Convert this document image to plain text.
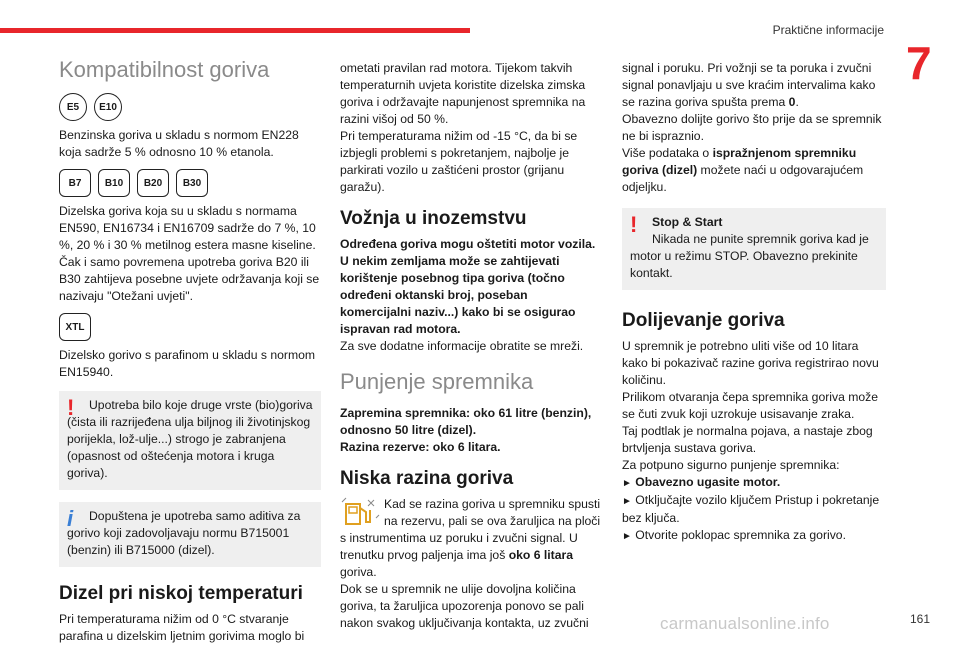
Praktične informacije
7
Kompatibilnost goriva
E5	E10

Benzinska goriva u skladu s normom EN228 koja sadrže 5 % odnosno 10 % etanola.

B7	B10	B20	B30

Dizelska goriva koja su u skladu s normama EN590, EN16734 i EN16709 sadrže do 7 %, 10 %, 20 % i 30 % metilnog estera masne kiseline. Čak i samo povremena upotreba goriva B20 ili B30 zahtijeva posebne uvjete održavanja koji se nazivaju "Otežani uvjeti".

XTL

Dizelsko gorivo s parafinom u skladu s normom EN15940.

!	Upotreba bilo koje druge vrste (bio)goriva (čista ili razrijeđena ulja biljnog ili životinjskog porijekla, lož-ulje...) strogo je zabranjena (opasnost od oštećenja motora i kruga goriva).

i	Dopuštena je upotreba samo aditiva za gorivo koji zadovoljavaju normu B715001 (benzin) ili B715000 (dizel).

Dizel pri niskoj temperaturi

Pri temperaturama nižim od 0 °C stvaranje parafina u dizelskim ljetnim gorivima moglo bi

ometati pravilan rad motora. Tijekom takvih temperaturnih uvjeta koristite dizelska zimska goriva i održavajte napunjenost spremnika na razini višoj od 50 %.

Pri temperaturama nižim od -15 °C, da bi se izbjegli problemi s pokretanjem, najbolje je parkirati vozilo u zaštićeni prostor (grijanu garažu).

Vožnja u inozemstvu

Određena goriva mogu oštetiti motor vozila. U nekim zemljama može se zahtijevati korištenje posebnog tipa goriva (točno određeni oktanski broj, poseban komercijalni naziv...) kako bi se osigurao ispravan rad motora.

Za sve dodatne informacije obratite se mreži.

Punjenje spremnika

Zapremina spremnika: oko 61 litre (benzin), odnosno 50 litre (dizel).

Razina rezerve: oko 6 litara.

Niska razina goriva

Kad se razina goriva u spremniku spusti na rezervu, pali se ova žaruljica na ploči s instrumentima uz poruku i zvučni signal. U trenutku prvog paljenja ima još oko 6 litara goriva.

Dok se u spremnik ne ulije dovoljna količina goriva, ta žaruljica upozorenja ponovo se pali nakon svakog uključivanja kontakta, uz zvučni

signal i poruku. Pri vožnji se ta poruka i zvučni signal ponavljaju u sve kraćim intervalima kako se razina goriva spušta prema 0.

Obavezno dolijte gorivo što prije da se spremnik ne bi ispraznio.

Više podataka o ispražnjenom spremniku goriva (dizel) možete naći u odgovarajućem odjeljku.

!	Stop & Start

Nikada ne punite spremnik goriva kad je motor u režimu STOP. Obavezno prekinite kontakt.

Dolijevanje goriva

U spremnik je potrebno uliti više od 10 litara kako bi pokazivač razine goriva registrirao novu količinu.

Prilikom otvaranja čepa spremnika goriva može se čuti zvuk koji uzrokuje usisavanje zraka.

Taj podtlak je normalna pojava, a nastaje zbog brtvljenja sustava goriva.

Za potpuno sigurno punjenje spremnika:

► Obavezno ugasite motor.

► Otključajte vozilo ključem Pristup i pokretanje bez ključa.

► Otvorite poklopac spremnika za gorivo.

carmanualsonline.info	161
